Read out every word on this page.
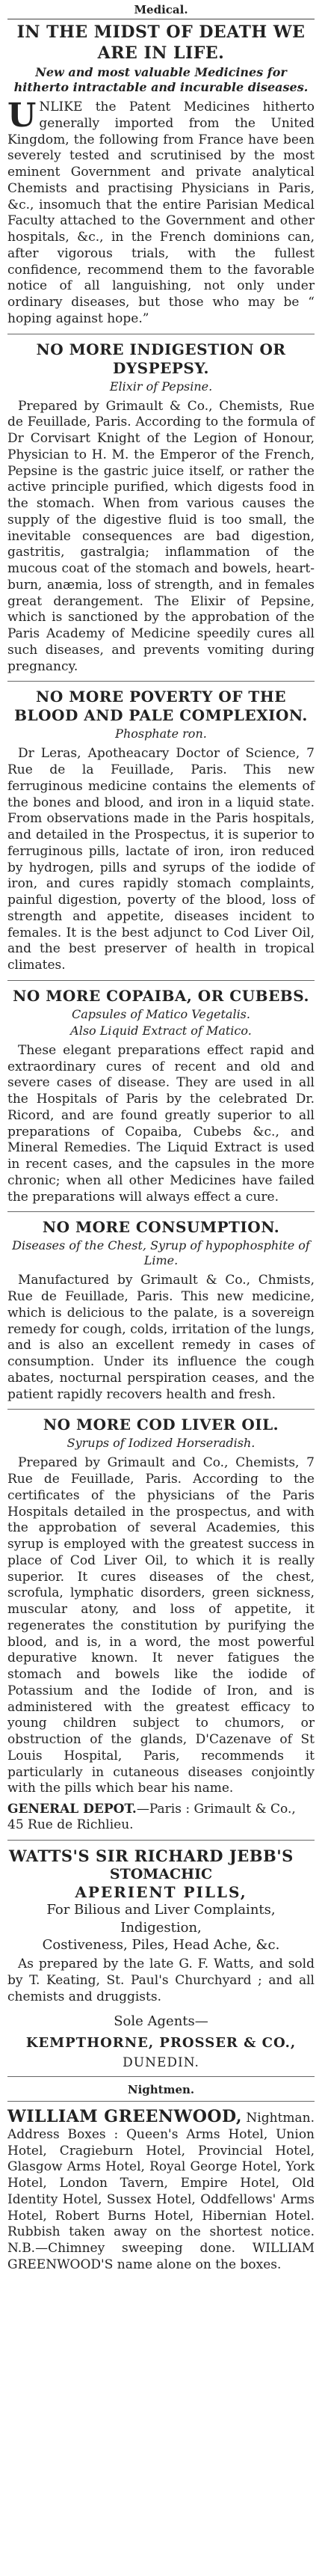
Medical.
IN THE MIDST OF DEATH WE ARE IN LIFE.
New and most valuable Medicines for hitherto intractable and incurable diseases.

UNLIKE the Patent Medicines hitherto generally imported from the United Kingdom, the following from France have been severely tested and scrutinised by the most eminent Government and private analytical Chemists and practising Physicians in Paris, &c., insomuch that the entire Parisian Medical Faculty attached to the Government and other hospitals, &c., in the French dominions can, after vigorous trials, with the fullest confidence, recommend them to the favorable notice of all languishing, not only under ordinary diseases, but those who may be “ hoping against hope.”

NO MORE INDIGESTION OR DYSPEPSY.
Elixir of Pepsine.

Prepared by Grimault & Co., Chemists, Rue de Feuillade, Paris. According to the formula of Dr Corvisart Knight of the Legion of Honour, Physician to H. M. the Emperor of the French, Pepsine is the gastric juice itself, or rather the active principle purified, which digests food in the stomach. When from various causes the supply of the digestive fluid is too small, the inevitable consequences are bad digestion, gastritis, gastralgia; inflammation of the mucous coat of the stomach and bowels, heart-burn, anæmia, loss of strength, and in females great derangement. The Elixir of Pepsine, which is sanctioned by the approbation of the Paris Academy of Medicine speedily cures all such diseases, and prevents vomiting during pregnancy.

NO MORE POVERTY OF THE BLOOD AND PALE COMPLEXION.
Phosphate ron.

Dr Leras, Apotheacary Doctor of Science, 7 Rue de la Feuillade, Paris. This new ferruginous medicine contains the elements of the bones and blood, and iron in a liquid state. From observations made in the Paris hospitals, and detailed in the Prospectus, it is superior to ferruginous pills, lactate of iron, iron reduced by hydrogen, pills and syrups of the iodide of iron, and cures rapidly stomach complaints, painful digestion, poverty of the blood, loss of strength and appetite, diseases incident to females. It is the best adjunct to Cod Liver Oil, and the best preserver of health in tropical climates.

NO MORE COPAIBA, OR CUBEBS.
Capsules of Matico Vegetalis.
Also Liquid Extract of Matico.

These elegant preparations effect rapid and extraordinary cures of recent and old and severe cases of disease. They are used in all the Hospitals of Paris by the celebrated Dr. Ricord, and are found greatly superior to all preparations of Copaiba, Cubebs &c., and Mineral Remedies. The Liquid Extract is used in recent cases, and the capsules in the more chronic; when all other Medicines have failed the preparations will always effect a cure.

NO MORE CONSUMPTION.
Diseases of the Chest, Syrup of hypophosphite of Lime.

Manufactured by Grimault & Co., Chmists, Rue de Feuillade, Paris. This new medicine, which is delicious to the palate, is a sovereign remedy for cough, colds, irritation of the lungs, and is also an excellent remedy in cases of consumption. Under its influence the cough abates, nocturnal perspiration ceases, and the patient rapidly recovers health and fresh.

NO MORE COD LIVER OIL.
Syrups of Iodized Horseradish.

Prepared by Grimault and Co., Chemists, 7 Rue de Feuillade, Paris. According to the certificates of the physicians of the Paris Hospitals detailed in the prospectus, and with the approbation of several Academies, this syrup is employed with the greatest success in place of Cod Liver Oil, to which it is really superior. It cures diseases of the chest, scrofula, lymphatic disorders, green sickness, muscular atony, and loss of appetite, it regenerates the constitution by purifying the blood, and is, in a word, the most powerful depurative known. It never fatigues the stomach and bowels like the iodide of Potassium and the Iodide of Iron, and is administered with the greatest efficacy to young children subject to chumors, or obstruction of the glands, D'Cazenave of St Louis Hospital, Paris, recommends it particularly in cutaneous diseases conjointly with the pills which bear his name.

GENERAL DEPOT.—Paris : Grimault & Co., 45 Rue de Richlieu.
WATTS'S SIR RICHARD JEBB'S
STOMACHIC
APERIENT PILLS,

For Bilious and Liver Complaints,

Indigestion,

Costiveness, Piles, Head Ache, &c.

As prepared by the late G. F. Watts, and sold by T. Keating, St. Paul's Churchyard ; and all chemists and druggists.

Sole Agents—
KEMPTHORNE, PROSSER & CO.,
DUNEDIN.
Nightmen.

WILLIAM GREENWOOD, Nightman. Address Boxes : Queen's Arms Hotel, Union Hotel, Cragieburn Hotel, Provincial Hotel, Glasgow Arms Hotel, Royal George Hotel, York Hotel, London Tavern, Empire Hotel, Old Identity Hotel, Sussex Hotel, Oddfellows' Arms Hotel, Robert Burns Hotel, Hibernian Hotel. Rubbish taken away on the shortest notice. N.B.—Chimney sweeping done. WILLIAM GREENWOOD'S name alone on the boxes.
